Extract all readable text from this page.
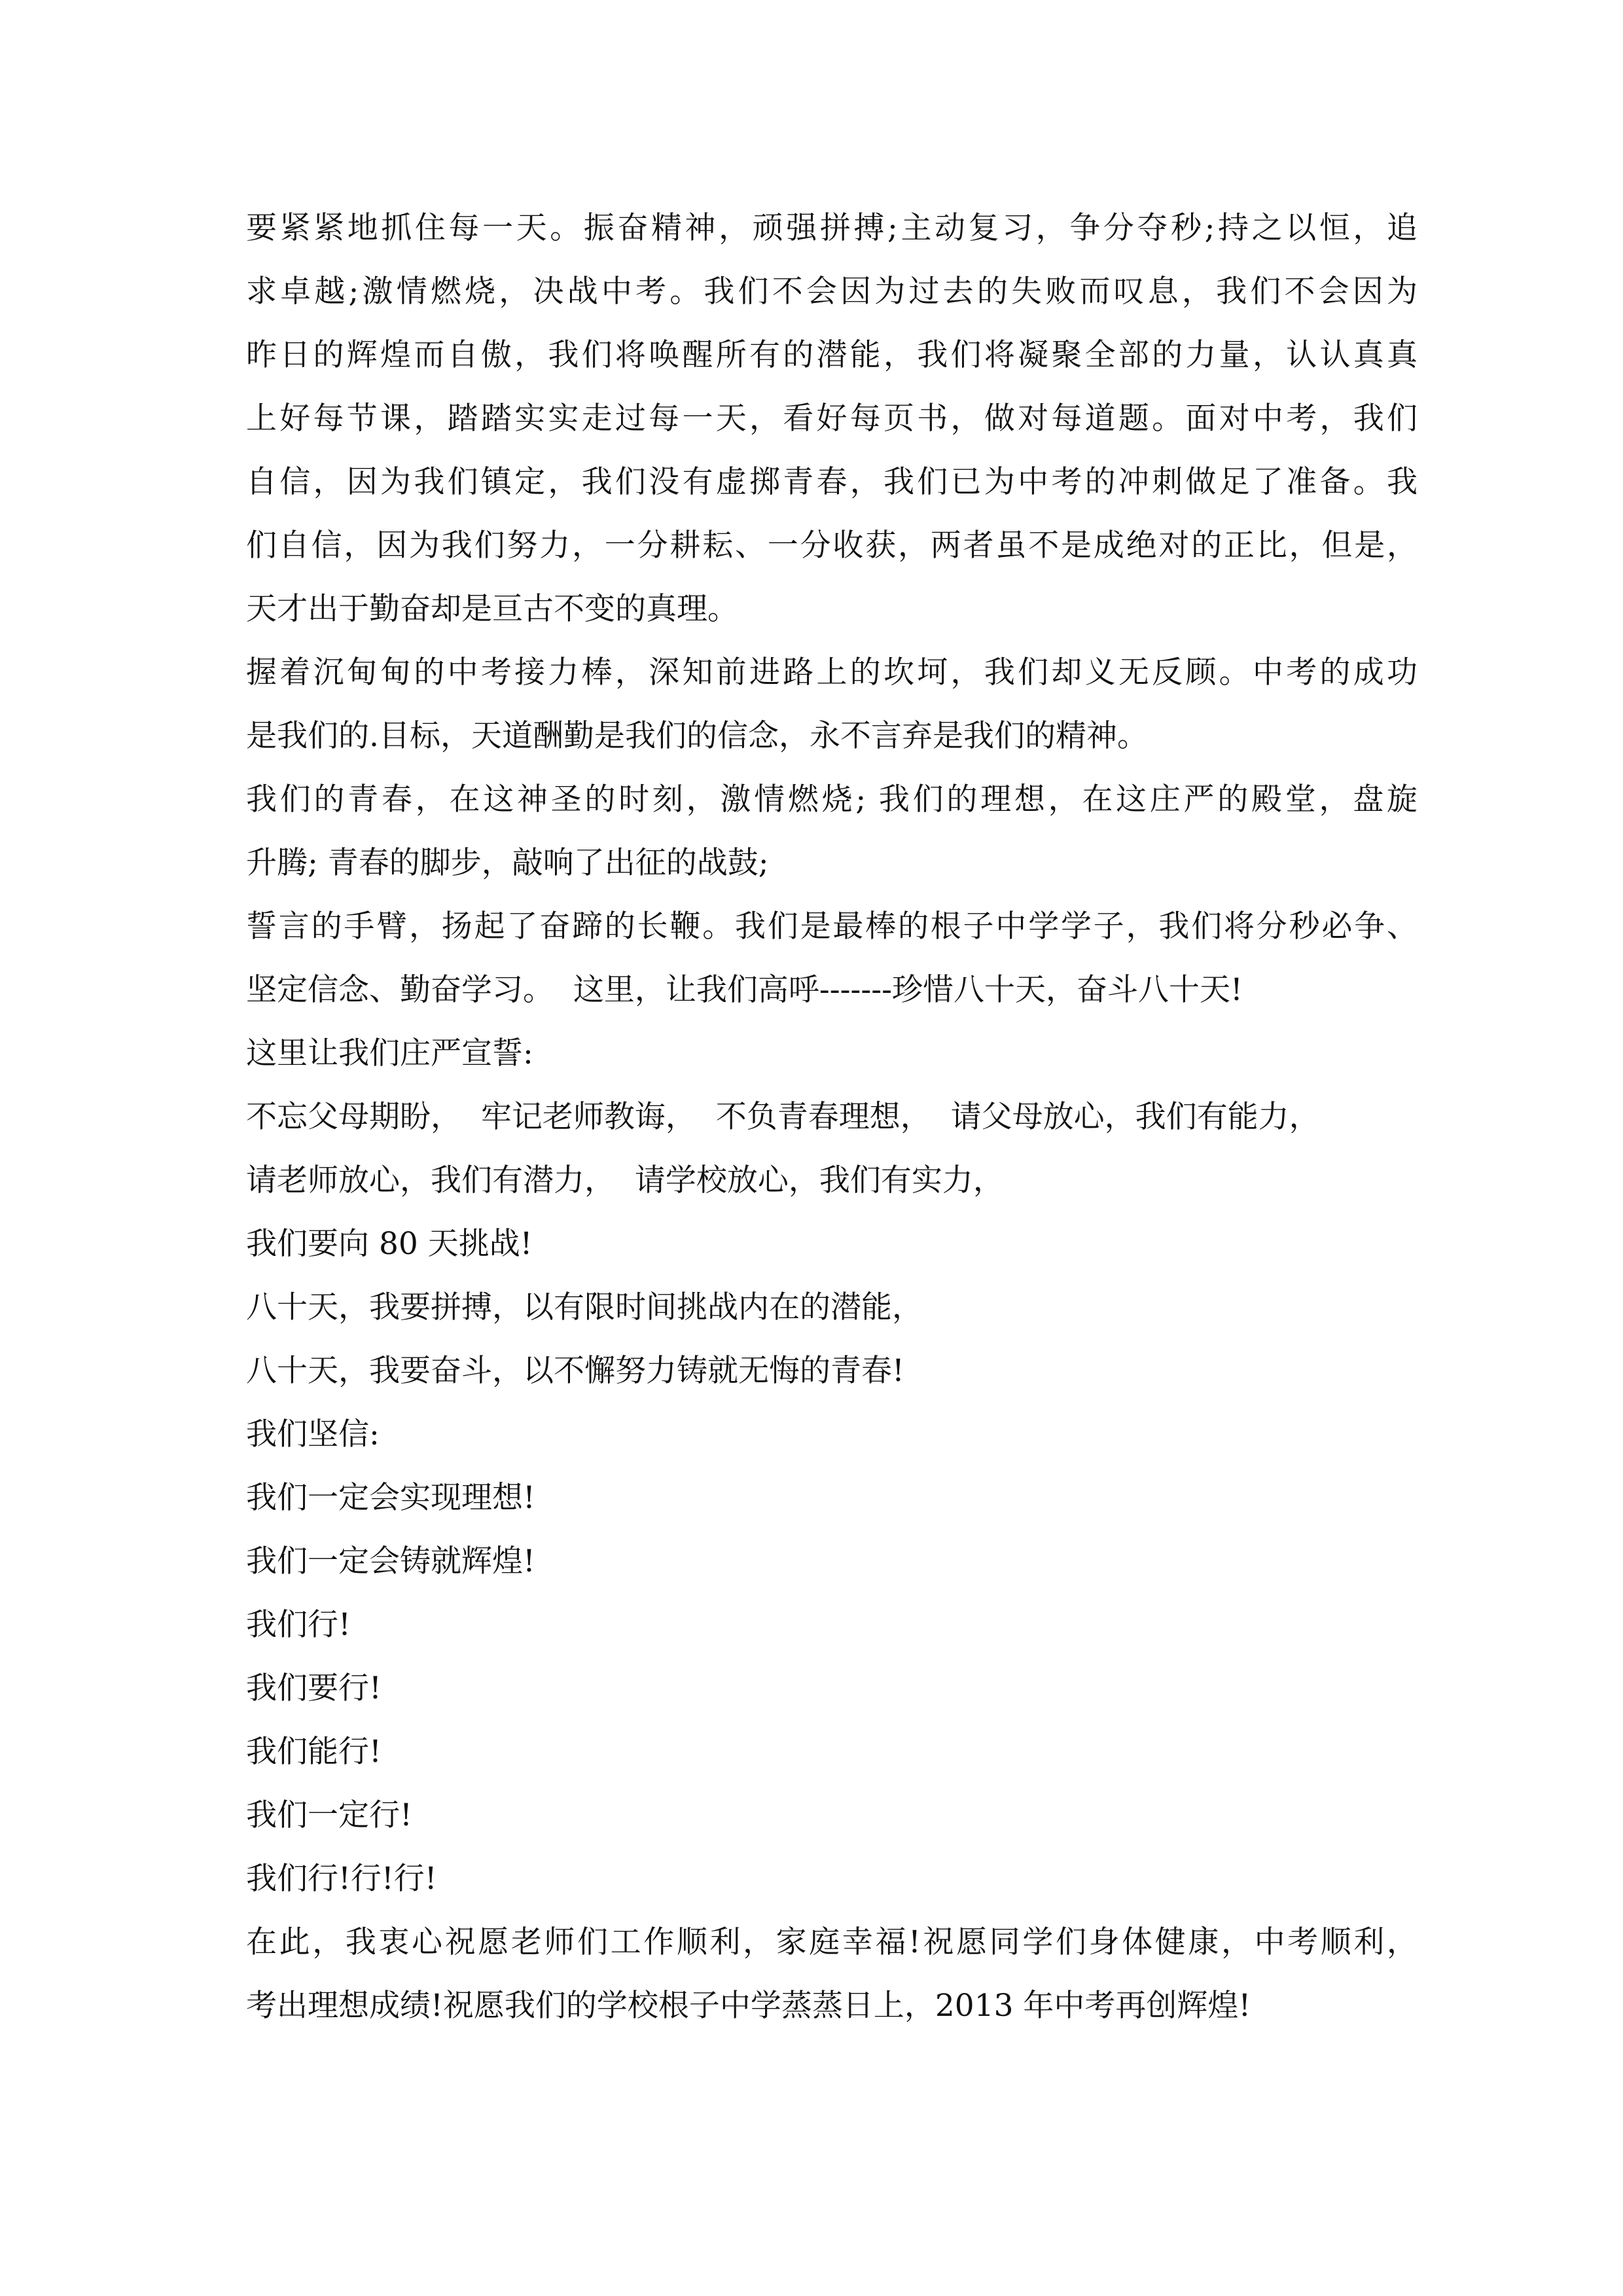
要紧紧地抓住每一天。振奋精神，顽强拼搏;主动复习，争分夺秒;持之以恒，追
求卓越;激情燃烧，决战中考。我们不会因为过去的失败而叹息，我们不会因为
昨日的辉煌而自傲，我们将唤醒所有的潜能，我们将凝聚全部的力量，认认真真
上好每节课，踏踏实实走过每一天，看好每页书，做对每道题。面对中考，我们
自信，因为我们镇定，我们没有虚掷青春，我们已为中考的冲刺做足了准备。我
们自信，因为我们努力，一分耕耘、一分收获，两者虽不是成绝对的正比，但是，
天才出于勤奋却是亘古不变的真理。
握着沉甸甸的中考接力棒，深知前进路上的坎坷，我们却义无反顾。中考的成功
是我们的.目标，天道酬勤是我们的信念，永不言弃是我们的精神。
我们的青春，在这神圣的时刻，激情燃烧; 我们的理想，在这庄严的殿堂，盘旋
升腾; 青春的脚步，敲响了出征的战鼓;
誓言的手臂，扬起了奋蹄的长鞭。我们是最棒的根子中学学子，我们将分秒必争、
坚定信念、勤奋学习。  这里，让我们高呼-------珍惜八十天，奋斗八十天!
这里让我们庄严宣誓:
不忘父母期盼，  牢记老师教诲，  不负青春理想，  请父母放心，我们有能力，
请老师放心，我们有潜力，  请学校放心，我们有实力，
我们要向 80 天挑战!
八十天，我要拼搏，以有限时间挑战内在的潜能，
八十天，我要奋斗，以不懈努力铸就无悔的青春!
我们坚信:
我们一定会实现理想!
我们一定会铸就辉煌!
我们行!
我们要行!
我们能行!
我们一定行!
我们行!行!行!
在此，我衷心祝愿老师们工作顺利，家庭幸福!祝愿同学们身体健康，中考顺利，
考出理想成绩!祝愿我们的学校根子中学蒸蒸日上，2013 年中考再创辉煌!
